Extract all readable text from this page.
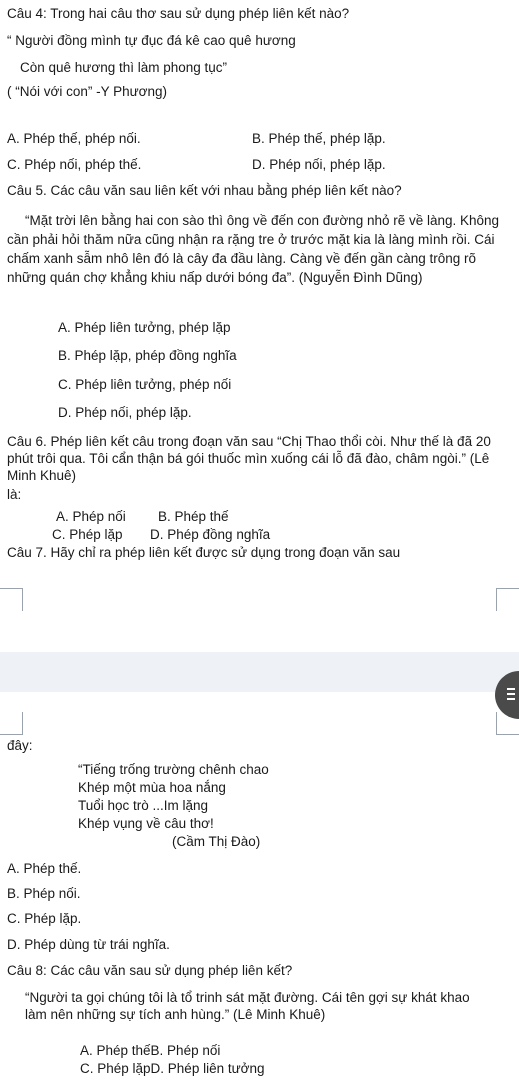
Câu 4: Trong hai câu thơ sau sử dụng phép liên kết nào?
“ Người đồng mình tự đục đá kê cao quê hương
Còn quê hương thì làm phong tục”
( “Nói với con” -Y Phương)
A. Phép thế, phép nối.	B. Phép thế, phép lặp.
C. Phép nối, phép thế.	D. Phép nối, phép lặp.
Câu 5. Các câu văn sau liên kết với nhau bằng phép liên kết nào?
“Mặt trời lên bằng hai con sào thì ông về đến con đường nhỏ rẽ về làng. Không cần phải hỏi thăm nữa cũng nhận ra rặng tre ở trước mặt kia là làng mình rồi. Cái chấm xanh sẫm nhô lên đó là cây đa đầu làng. Càng về đến gần càng trông rõ những quán chợ khẳng khiu nấp dưới bóng đa”. (Nguyễn Đình Dũng)
A. Phép liên tưởng, phép lặp
B. Phép lặp, phép đồng nghĩa
C. Phép liên tưởng, phép nối
D. Phép nối, phép lặp.
Câu 6. Phép liên kết câu trong đoạn văn sau “Chị Thao thổi còi. Như thế là đã 20 phút trôi qua. Tôi cẩn thận bá gói thuốc mìn xuống cái lỗ đã đào, châm ngòi.” (Lê Minh Khuê)
là:
A. Phép nối B. Phép thế
C. Phép lặp D. Phép đồng nghĩa
Câu 7. Hãy chỉ ra phép liên kết được sử dụng trong đoạn văn sau
đây:
“Tiếng trống trường chênh chao
Khép một mùa hoa nắng
Tuổi học trò ...Im lặng
Khép vụng về câu thơ!
(Cầm Thị Đào)
A. Phép thế.
B. Phép nối.
C. Phép lặp.
D. Phép dùng từ trái nghĩa.
Câu 8: Các câu văn sau sử dụng phép liên kết?
“Người ta gọi chúng tôi là tổ trinh sát mặt đường. Cái tên gợi sự khát khao làm nên những sự tích anh hùng.” (Lê Minh Khuê)
A. Phép thếB. Phép nối
C. Phép lặpD. Phép liên tưởng
